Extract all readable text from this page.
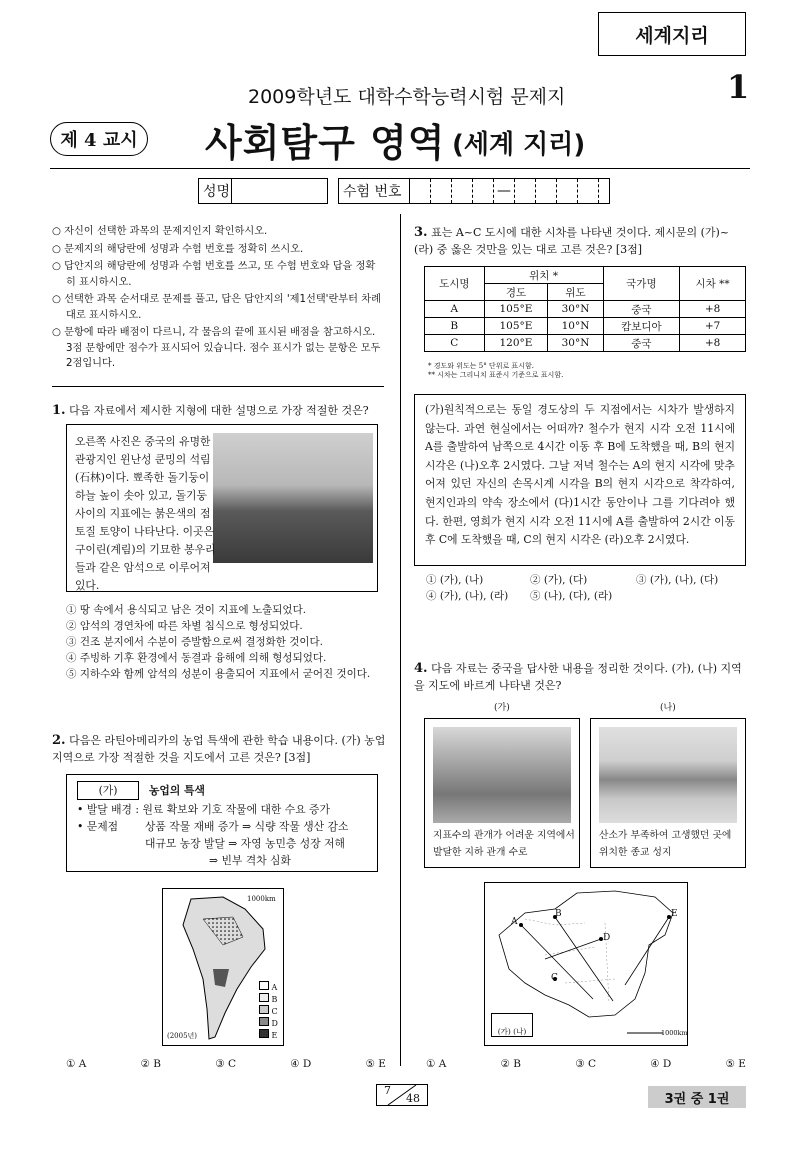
세계지리
2009학년도 대학수학능력시험 문제지	1
제 4 교시 사회탐구 영역 (세계 지리)
성명	수험 번호	—
○ 자신이 선택한 과목의 문제지인지 확인하시오.
○ 문제지의 해당란에 성명과 수험 번호를 정확히 쓰시오.
○ 답안지의 해당란에 성명과 수험 번호를 쓰고, 또 수험 번호와 답을 정확히 표시하시오.
○ 선택한 과목 순서대로 문제를 풀고, 답은 답안지의 '제1선택'란부터 차례대로 표시하시오.
○ 문항에 따라 배점이 다르니, 각 물음의 끝에 표시된 배점을 참고하시오. 3점 문항에만 점수가 표시되어 있습니다. 점수 표시가 없는 문항은 모두 2점입니다.
1. 다음 자료에서 제시한 지형에 대한 설명으로 가장 적절한 것은?
오른쪽 사진은 중국의 유명한 관광지인 윈난성 쿤밍의 석림(石林)이다. 뾰족한 돌기둥이 하늘 높이 솟아 있고, 돌기둥 사이의 지표에는 붉은색의 점토질 토양이 나타난다. 이곳은 구이린(계림)의 기묘한 봉우리들과 같은 암석으로 이루어져 있다.
① 땅 속에서 용식되고 남은 것이 지표에 노출되었다.
② 암석의 경연차에 따른 차별 침식으로 형성되었다.
③ 건조 분지에서 수분이 증발함으로써 결정화한 것이다.
④ 주빙하 기후 환경에서 동결과 융해에 의해 형성되었다.
⑤ 지하수와 함께 암석의 성분이 용출되어 지표에서 굳어진 것이다.
2. 다음은 라틴아메리카의 농업 특색에 관한 학습 내용이다. (가) 농업 지역으로 가장 적절한 것을 지도에서 고른 것은? [3점]
(가)	농업의 특색
• 발달 배경 : 원료 확보와 기호 작물에 대한 수요 증가
• 문제점 상품 작물 재배 증가 ⇒ 식량 작물 생산 감소
대규모 농장 발달 ⇒ 자영 농민층 성장 저해
⇒ 빈부 격차 심화
1000km
(2005년)
A
B
C
D
E
① A	② B	③ C	④ D	⑤ E
3. 표는 A~C 도시에 대한 시차를 나타낸 것이다. 제시문의 (가)~(라) 중 옳은 것만을 있는 대로 고른 것은? [3점]
도시명	위치 *		국가명	시차 **
	경도	위도		
A	105°E	30°N	중국	+8
B	105°E	10°N	캄보디아	+7
C	120°E	30°N	중국	+8
* 경도와 위도는 5° 단위로 표시함.
** 시차는 그리니치 표준시 기준으로 표시함.
(가)원칙적으로는 동일 경도상의 두 지점에서는 시차가 발생하지 않는다. 과연 현실에서는 어떠까? 철수가 현지 시각 오전 11시에 A를 출발하여 남쪽으로 4시간 이동 후 B에 도착했을 때, B의 현지 시각은 (나)오후 2시였다. 그날 저녁 철수는 A의 현지 시각에 맞추어져 있던 자신의 손목시계 시각을 B의 현지 시각으로 착각하여, 현지인과의 약속 장소에서 (다)1시간 동안이나 그를 기다려야 했다. 한편, 영희가 현지 시각 오전 11시에 A를 출발하여 2시간 이동 후 C에 도착했을 때, C의 현지 시각은 (라)오후 2시였다.
① (가), (나)	② (가), (다)	③ (가), (나), (다)
④ (가), (나), (라)	⑤ (나), (다), (라)
4. 다음 자료는 중국을 답사한 내용을 정리한 것이다. (가), (나) 지역을 지도에 바르게 나타낸 것은?
(가)	(나)
지표수의 관개가 어려운 지역에서 발달한 지하 관개 수로
산소가 부족하여 고생했던 곳에 위치한 종교 성지
A
B
D
E
C
(가) (나)	1000km
① A	② B	③ C	④ D	⑤ E
7
48	3권 중 1권
